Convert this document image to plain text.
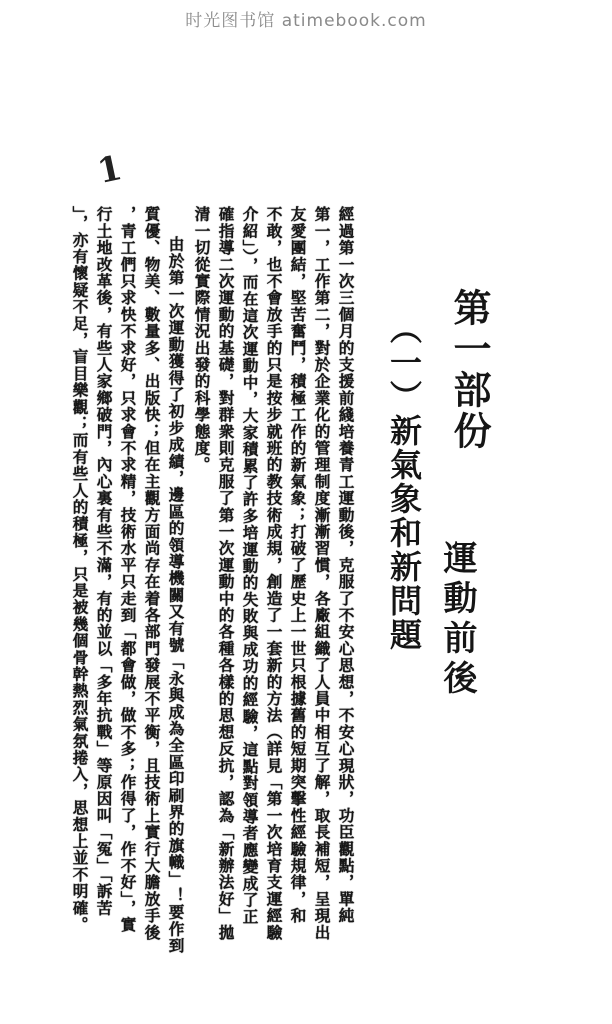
时光图书馆 atimebook.com
1
第一部份
運動前後
（一）新氣象和新問題
經過第一次三個月的支援前綫培養青工運動後，克服了不安心思想，不安心現狀，功臣觀點，單純
第一，工作第二，對於企業化的管理制度漸漸習慣，各廠組織了人員中相互了解，取長補短，呈現出
友愛團結，堅苦奮鬥，積極工作的新氣象；打破了歷史上一世只根據舊的短期突擊性經驗規律，和
不敢，也不會放手的只是按步就班的教技術成規，創造了一套新的方法（詳見「第一次培育支運經驗
介紹」），而在這次運動中，大家積累了許多培運動的失敗與成功的經驗，這點對領導者應變成了正
確指導二次運動的基礎，對群衆則克服了第一次運動中的各種各樣的思想反抗，認為「新辦法好」拋
清一切從實際情況出發的科學態度。
由於第一次運動獲得了初步成績，邊區的領導機關又有號「永與成為全區印刷界的旗幟」！要作到
質優、物美、數量多、出版快；但在主觀方面尚存在着各部門發展不平衡，且技術上實行大膽放手後
，青工們只求快不求好，只求會不求精，技術水平只走到「都會做，做不多；作得了，作不好」，實
行土地改革後，有些人家鄉破門，內心裏有些不滿，有的並以「多年抗戰」等原因叫「冤」「訴苦
」，亦有懷疑不足，盲目樂觀；而有些人的積極，只是被幾個骨幹熱烈氣氛捲入，思想上並不明確。
